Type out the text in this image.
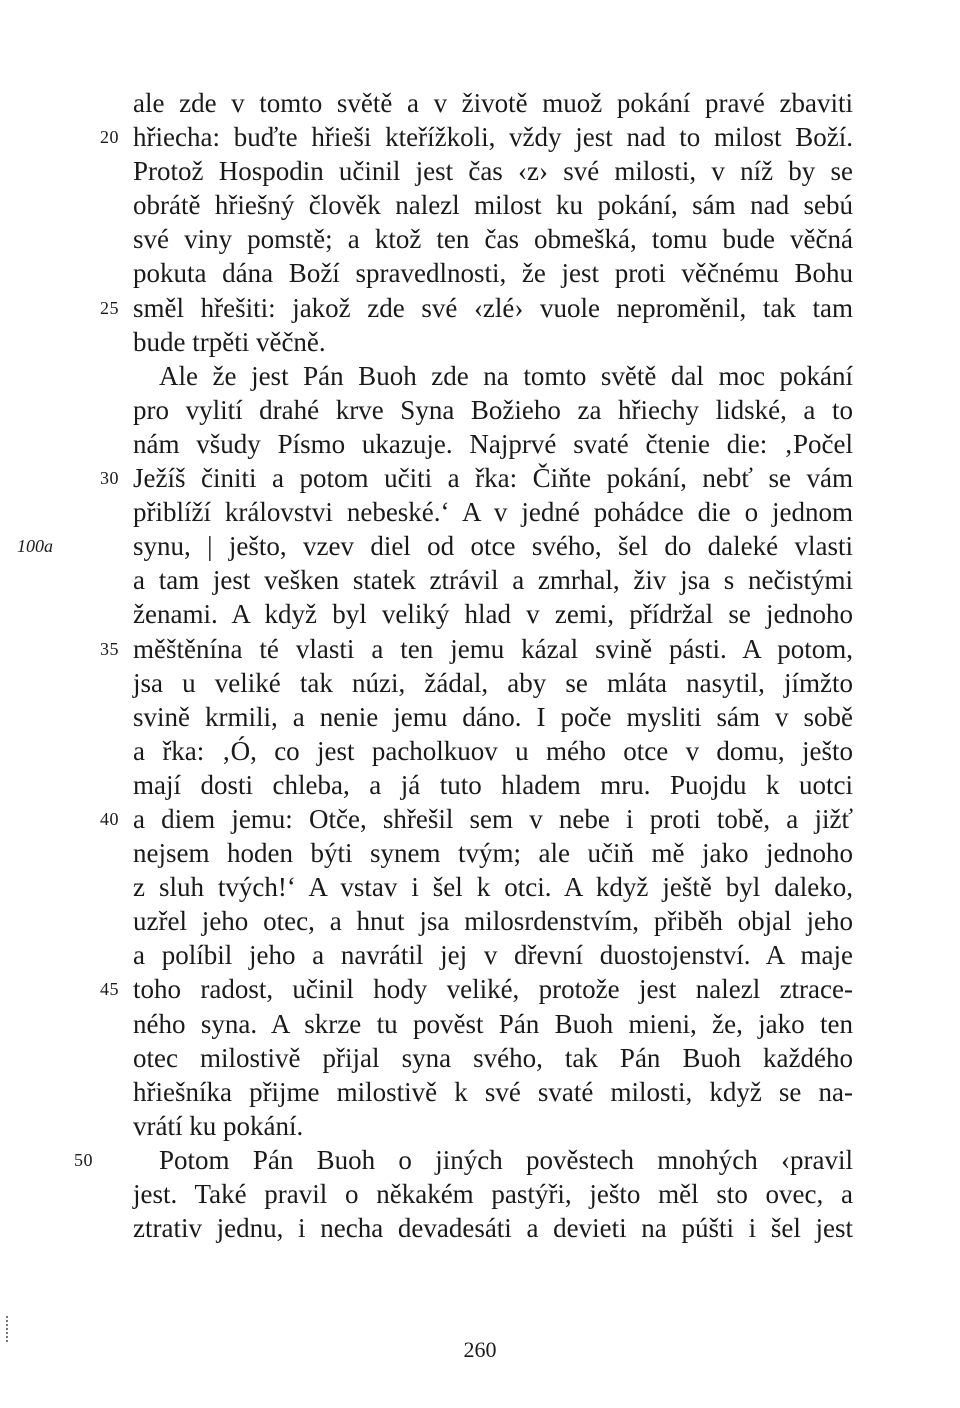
ale zde v tomto světě a v životě muož pokání pravé zbaviti
20 hřiecha: buďte hřieši kteřížkoli, vždy jest nad to milost Boží.
Protož Hospodin učinil jest čas ‹z› své milosti, v níž by se
obrátě hřiešný člověk nalezl milost ku pokání, sám nad sebú
své viny pomstě; a ktož ten čas obmešká, tomu bude věčná
pokuta dána Boží spravedlnosti, že jest proti věčnému Bohu
25 směl hřešiti: jakož zde své ‹zlé› vuole neproměnil, tak tam
bude trpěti věčně.
Ale že jest Pán Buoh zde na tomto světě dal moc pokání
pro vylití drahé krve Syna Božieho za hřiechy lidské, a to
nám všudy Písmo ukazuje. Najprvé svaté čtenie die: ‚Počel
30 Ježíš činiti a potom učiti a řka: Čiňte pokání, nebť se vám
přiblíží královstvi nebeské.‘ A v jedné pohádce die o jednom
100a	synu, | ješto, vzev diel od otce svého, šel do daleké vlasti
a tam jest vešken statek ztrávil a zmrhal, živ jsa s nečistými
ženami. A když byl veliký hlad v zemi, přídržal se jednoho
35 měštěnína té vlasti a ten jemu kázal svině pásti. A potom,
jsa u veliké tak núzi, žádal, aby se mláta nasytil, jímžto
svině krmili, a nenie jemu dáno. I poče mysliti sám v sobě
a řka: ‚Ó, co jest pacholkuov u mého otce v domu, ješto
mají dosti chleba, a já tuto hladem mru. Puojdu k uotci
40 a diem jemu: Otče, shřešil sem v nebe i proti tobě, a jižť
nejsem hoden býti synem tvým; ale učiň mě jako jednoho
z sluh tvých!‘ A vstav i šel k otci. A když ještě byl daleko,
uzřel jeho otec, a hnut jsa milosrdenstvím, přiběh objal jeho
a políbil jeho a navrátil jej v dřevní duostojenství. A maje
45 toho radost, učinil hody veliké, protože jest nalezl ztrace-
ného syna. A skrze tu pověst Pán Buoh mieni, že, jako ten
otec milostivě přijal syna svého, tak Pán Buoh každého
hřiešníka přijme milostivě k své svaté milosti, když se na-
vrátí ku pokání.
50 Potom Pán Buoh o jiných pověstech mnohých ‹pravil
jest. Také pravil o někakém pastýři, ješto měl sto ovec, a
ztrativ jednu, i necha devadesáti a devieti na púšti i šel jest
260
